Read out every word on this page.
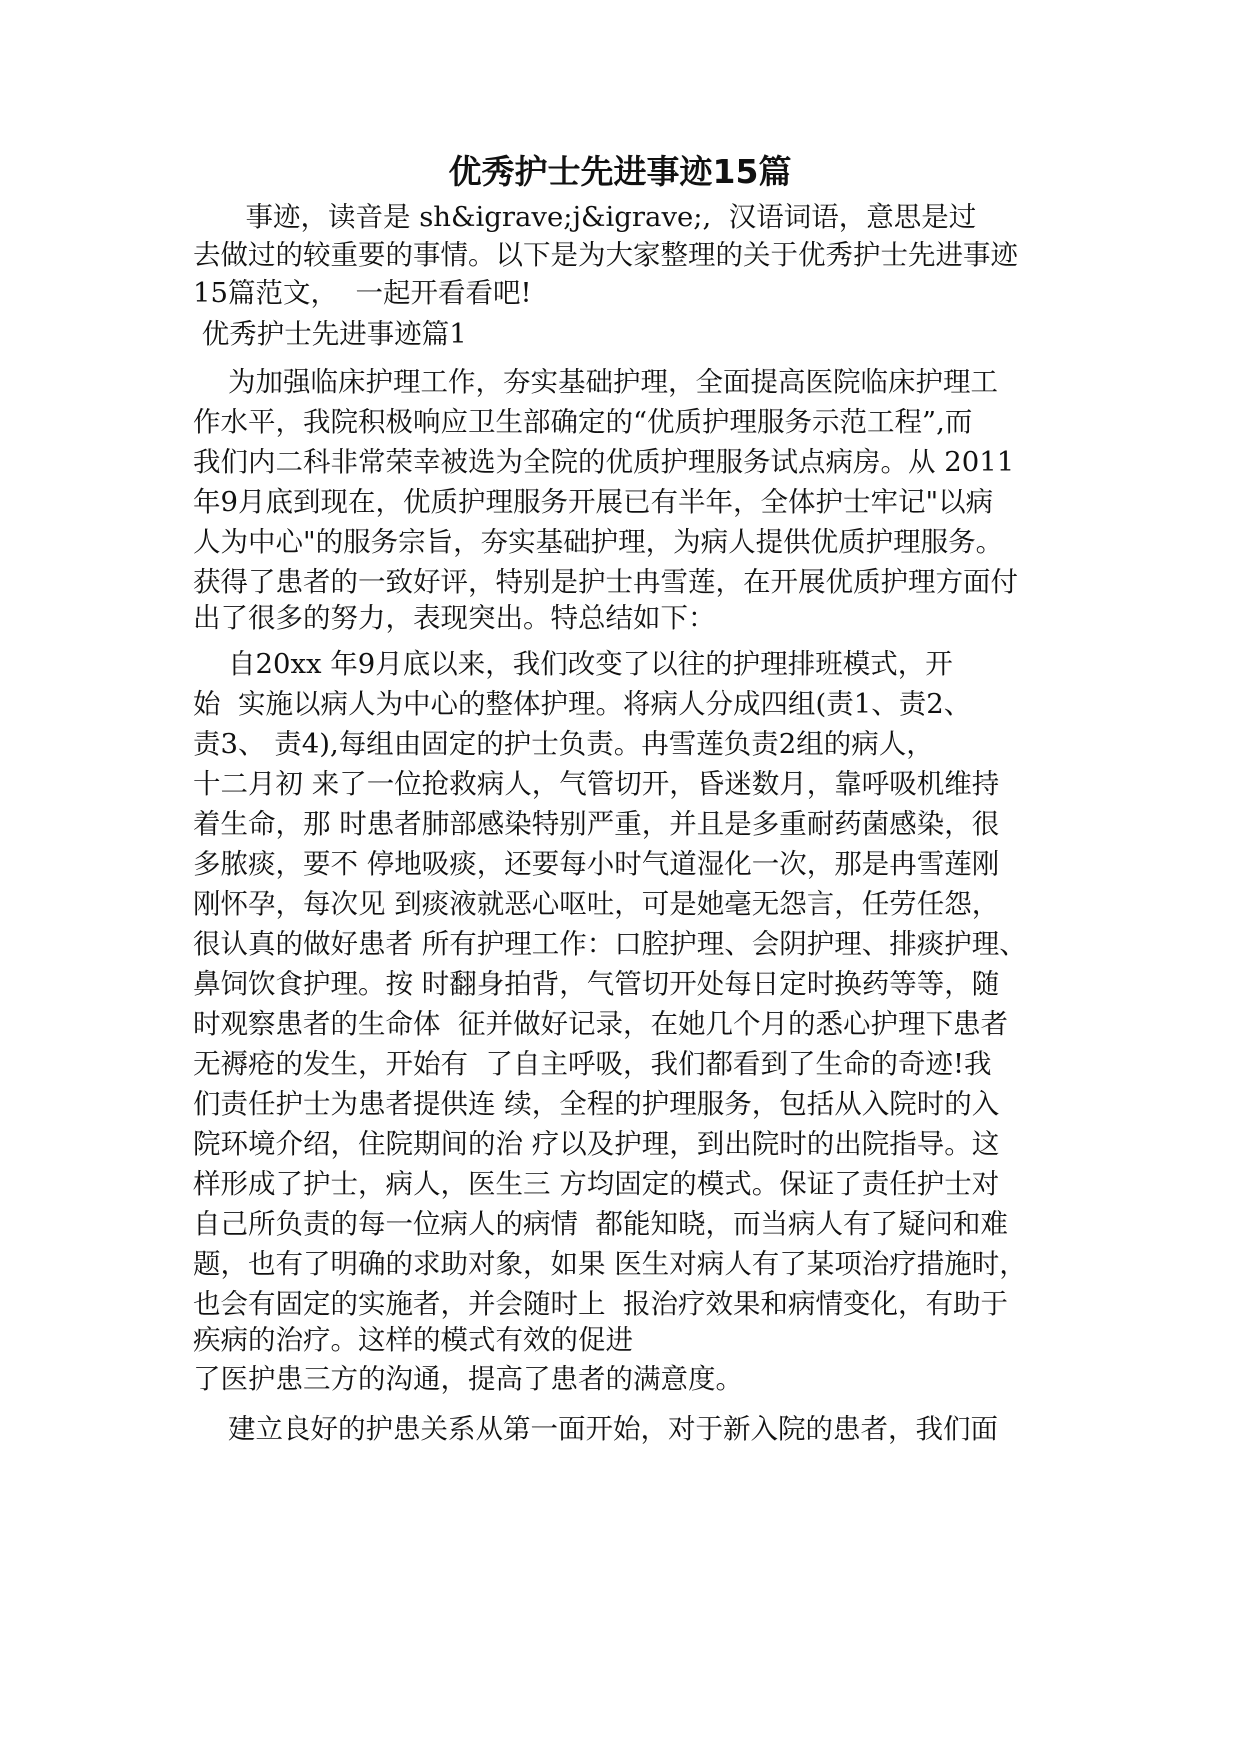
优秀护士先进事迹15篇

事迹，读音是 sh&igrave;j&igrave;,  汉语词语，意思是过

去做过的较重要的事情。以下是为大家整理的关于优秀护士先进事迹

15篇范文，  一起开看看吧!

优秀护士先进事迹篇1

为加强临床护理工作，夯实基础护理，全面提高医院临床护理工

作水平，我院积极响应卫生部确定的“优质护理服务示范工程”,而

我们内二科非常荣幸被选为全院的优质护理服务试点病房。从 2011

年9月底到现在，优质护理服务开展已有半年，全体护士牢记"以病

人为中心"的服务宗旨，夯实基础护理，为病人提供优质护理服务。

获得了患者的一致好评，特别是护士冉雪莲，在开展优质护理方面付

出了很多的努力，表现突出。特总结如下：

自20xx 年9月底以来，我们改变了以往的护理排班模式，开

始  实施以病人为中心的整体护理。将病人分成四组(责1、责2、

责3、 责4),每组由固定的护士负责。冉雪莲负责2组的病人，

十二月初 来了一位抢救病人，气管切开，昏迷数月，靠呼吸机维持

着生命，那 时患者肺部感染特别严重，并且是多重耐药菌感染，很

多脓痰，要不 停地吸痰，还要每小时气道湿化一次，那是冉雪莲刚

刚怀孕，每次见 到痰液就恶心呕吐，可是她毫无怨言，任劳任怨，

很认真的做好患者 所有护理工作：口腔护理、会阴护理、排痰护理、

鼻饲饮食护理。按 时翻身拍背，气管切开处每日定时换药等等，随

时观察患者的生命体  征并做好记录，在她几个月的悉心护理下患者

无褥疮的发生，开始有  了自主呼吸，我们都看到了生命的奇迹!我

们责任护士为患者提供连 续，全程的护理服务，包括从入院时的入

院环境介绍，住院期间的治 疗以及护理，到出院时的出院指导。这

样形成了护士，病人，医生三 方均固定的模式。保证了责任护士对

自己所负责的每一位病人的病情  都能知晓，而当病人有了疑问和难

题，也有了明确的求助对象，如果 医生对病人有了某项治疗措施时，

也会有固定的实施者，并会随时上  报治疗效果和病情变化，有助于

疾病的治疗。这样的模式有效的促进

了医护患三方的沟通，提高了患者的满意度。

建立良好的护患关系从第一面开始，对于新入院的患者，我们面
